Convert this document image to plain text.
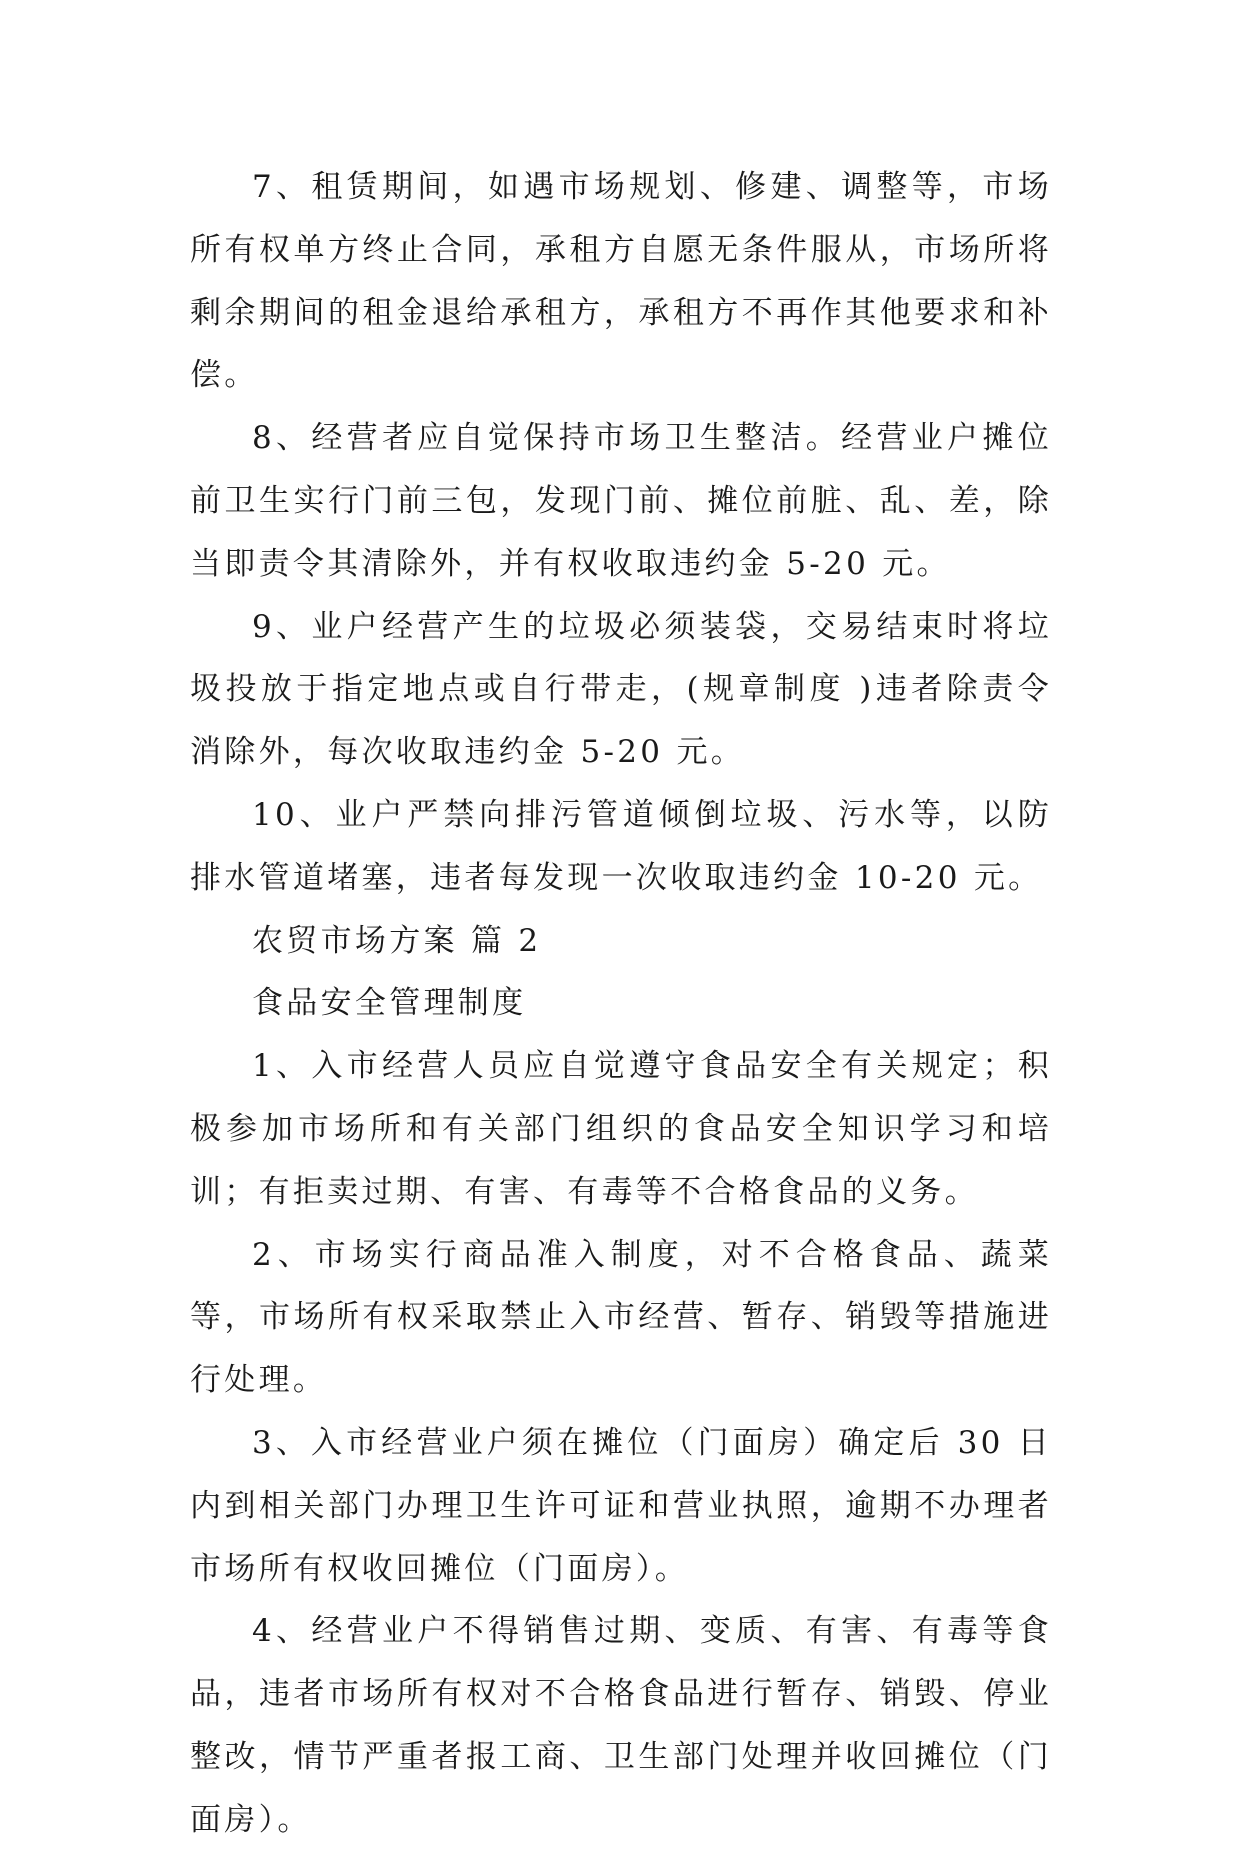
7、租赁期间，如遇市场规划、修建、调整等，市场所有权单方终止合同，承租方自愿无条件服从，市场所将剩余期间的租金退给承租方，承租方不再作其他要求和补偿。

8、经营者应自觉保持市场卫生整洁。经营业户摊位前卫生实行门前三包，发现门前、摊位前脏、乱、差，除当即责令其清除外，并有权收取违约金 5-20 元。

9、业户经营产生的垃圾必须装袋，交易结束时将垃圾投放于指定地点或自行带走，(规章制度 )违者除责令消除外，每次收取违约金 5-20 元。

10、业户严禁向排污管道倾倒垃圾、污水等，以防排水管道堵塞，违者每发现一次收取违约金 10-20 元。

农贸市场方案 篇 2

食品安全管理制度

1、入市经营人员应自觉遵守食品安全有关规定；积极参加市场所和有关部门组织的食品安全知识学习和培训；有拒卖过期、有害、有毒等不合格食品的义务。

2、市场实行商品准入制度，对不合格食品、蔬菜等，市场所有权采取禁止入市经营、暂存、销毁等措施进行处理。

3、入市经营业户须在摊位（门面房）确定后 30 日内到相关部门办理卫生许可证和营业执照，逾期不办理者市场所有权收回摊位（门面房）。

4、经营业户不得销售过期、变质、有害、有毒等食品，违者市场所有权对不合格食品进行暂存、销毁、停业整改，情节严重者报工商、卫生部门处理并收回摊位（门面房）。
